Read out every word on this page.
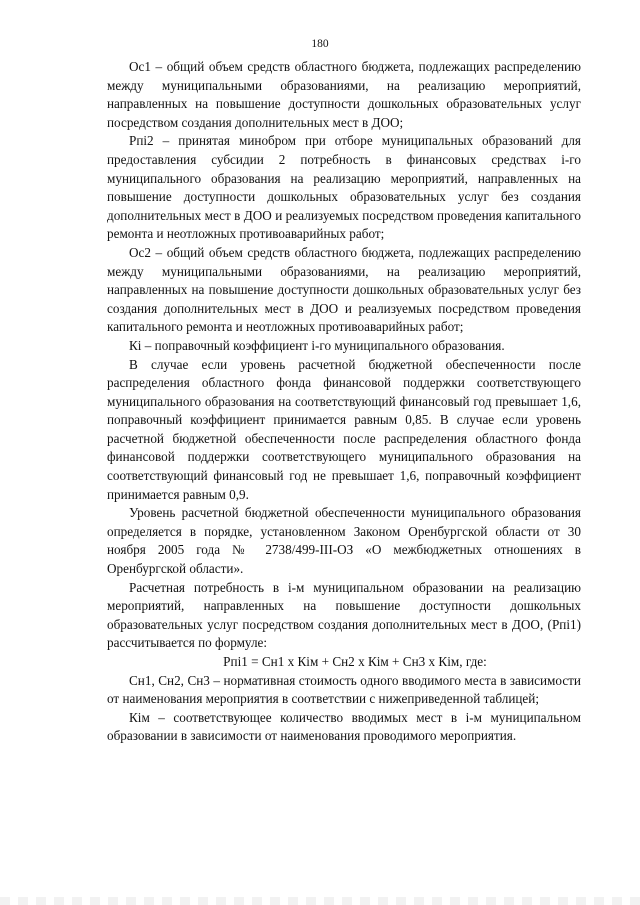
180

Ос1 – общий объем средств областного бюджета, подлежащих распределению между муниципальными образованиями, на реализацию мероприятий, направленных на повышение доступности дошкольных образовательных услуг посредством создания дополнительных мест в ДОО;

Рпi2 – принятая минобром при отборе муниципальных образований для предоставления субсидии 2 потребность в финансовых средствах i-го муниципального образования на реализацию мероприятий, направленных на повышение доступности дошкольных образовательных услуг без создания дополнительных мест в ДОО и реализуемых посредством проведения капитального ремонта и неотложных противоаварийных работ;

Ос2 – общий объем средств областного бюджета, подлежащих распределению между муниципальными образованиями, на реализацию мероприятий, направленных на повышение доступности дошкольных образовательных услуг без создания дополнительных мест в ДОО и реализуемых посредством проведения капитального ремонта и неотложных противоаварийных работ;

Кi – поправочный коэффициент i-го муниципального образования.

В случае если уровень расчетной бюджетной обеспеченности после распределения областного фонда финансовой поддержки соответствующего муниципального образования на соответствующий финансовый год превышает 1,6, поправочный коэффициент принимается равным 0,85. В случае если уровень расчетной бюджетной обеспеченности после распределения областного фонда финансовой поддержки соответствующего муниципального образования на соответствующий финансовый год не превышает 1,6, поправочный коэффициент принимается равным 0,9.

Уровень расчетной бюджетной обеспеченности муниципального образования определяется в порядке, установленном Законом Оренбургской области от 30 ноября 2005 года № 2738/499-III-ОЗ «О межбюджетных отношениях в Оренбургской области».

Расчетная потребность в i-м муниципальном образовании на реализацию мероприятий, направленных на повышение доступности дошкольных образовательных услуг посредством создания дополнительных мест в ДОО, (Рпi1) рассчитывается по формуле:

Рпi1 = Сн1 х Кiм + Сн2 х Кiм + Сн3 х Кiм, где:

Сн1, Сн2, Сн3 – нормативная стоимость одного вводимого места в зависимости от наименования мероприятия в соответствии с нижеприведенной таблицей;

Кiм – соответствующее количество вводимых мест в i-м муниципальном образовании в зависимости от наименования проводимого мероприятия.
